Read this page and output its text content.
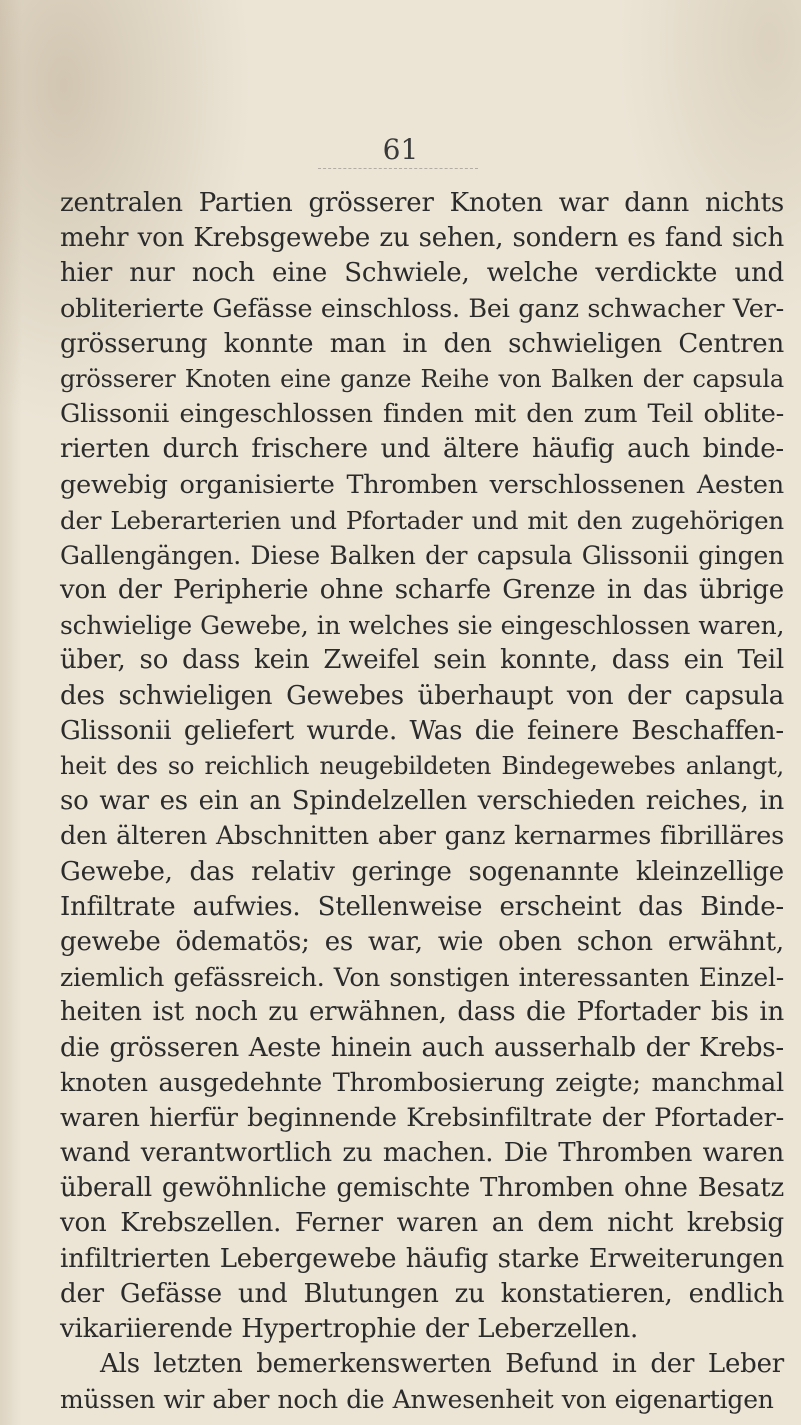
61
zentralen Partien grösserer Knoten war dann nichts
mehr von Krebsgewebe zu sehen, sondern es fand sich
hier nur noch eine Schwiele, welche verdickte und
obliterierte Gefässe einschloss. Bei ganz schwacher Ver-
grösserung konnte man in den schwieligen Centren
grösserer Knoten eine ganze Reihe von Balken der capsula
Glissonii eingeschlossen finden mit den zum Teil oblite-
rierten durch frischere und ältere häufig auch binde-
gewebig organisierte Thromben verschlossenen Aesten
der Leberarterien und Pfortader und mit den zugehörigen
Gallengängen. Diese Balken der capsula Glissonii gingen
von der Peripherie ohne scharfe Grenze in das übrige
schwielige Gewebe, in welches sie eingeschlossen waren,
über, so dass kein Zweifel sein konnte, dass ein Teil
des schwieligen Gewebes überhaupt von der capsula
Glissonii geliefert wurde. Was die feinere Beschaffen-
heit des so reichlich neugebildeten Bindegewebes anlangt,
so war es ein an Spindelzellen verschieden reiches, in
den älteren Abschnitten aber ganz kernarmes fibrilläres
Gewebe, das relativ geringe sogenannte kleinzellige
Infiltrate aufwies. Stellenweise erscheint das Binde-
gewebe ödematös; es war, wie oben schon erwähnt,
ziemlich gefässreich. Von sonstigen interessanten Einzel-
heiten ist noch zu erwähnen, dass die Pfortader bis in
die grösseren Aeste hinein auch ausserhalb der Krebs-
knoten ausgedehnte Thrombosierung zeigte; manchmal
waren hierfür beginnende Krebsinfiltrate der Pfortader-
wand verantwortlich zu machen. Die Thromben waren
überall gewöhnliche gemischte Thromben ohne Besatz
von Krebszellen. Ferner waren an dem nicht krebsig
infiltrierten Lebergewebe häufig starke Erweiterungen
der Gefässe und Blutungen zu konstatieren, endlich
vikariierende Hypertrophie der Leberzellen.
Als letzten bemerkenswerten Befund in der Leber
müssen wir aber noch die Anwesenheit von eigenartigen
